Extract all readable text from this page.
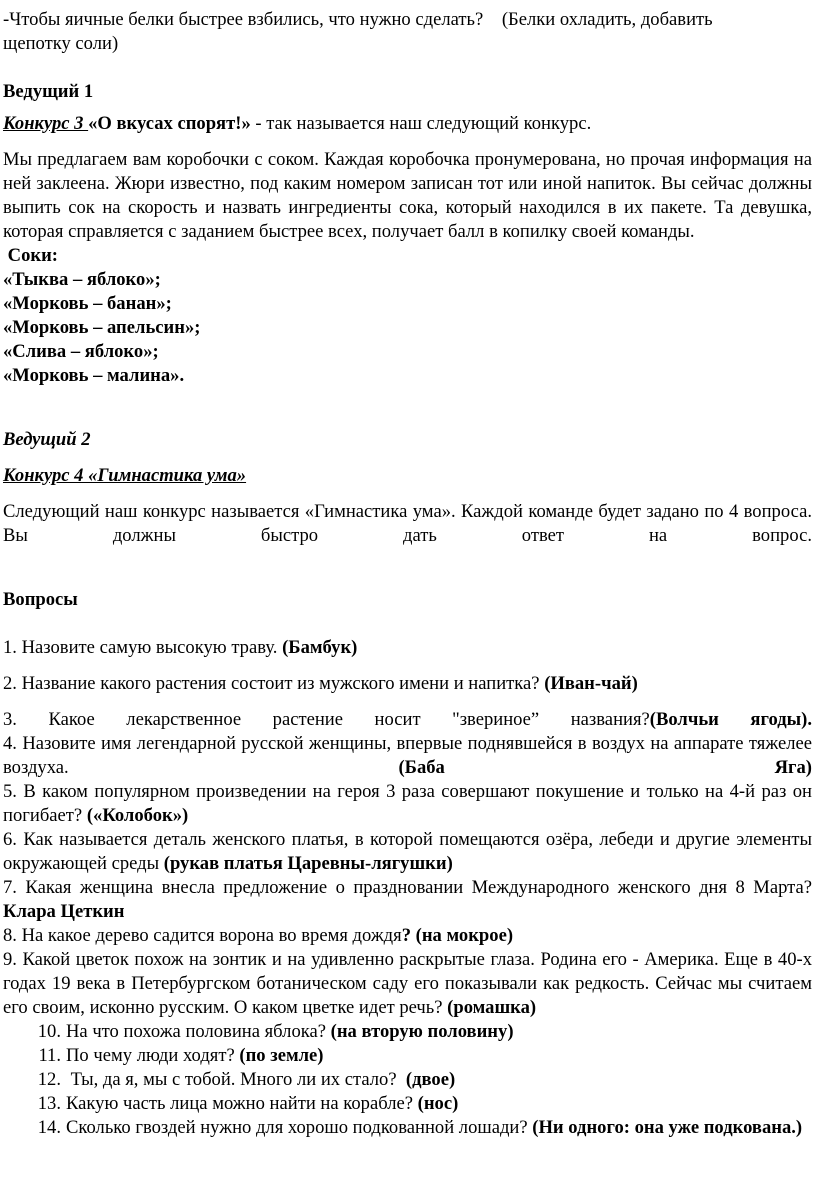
-Чтобы яичные белки быстрее взбились, что нужно сделать? (Белки охладить, добавить
щепотку соли)

Ведущий 1

Конкурс 3 «О вкусах спорят!» - так называется наш следующий конкурс.

Мы предлагаем вам коробочки с соком. Каждая коробочка пронумерована, но прочая информация на ней заклеена. Жюри известно, под каким номером записан тот или иной напиток. Вы сейчас должны выпить сок на скорость и назвать ингредиенты сока, который находился в их пакете. Та девушка, которая справляется с заданием быстрее всех, получает балл в копилку своей команды.

Соки:

«Тыква – яблоко»;

«Морковь – банан»;

«Морковь – апельсин»;

«Слива – яблоко»;

«Морковь – малина».

Ведущий 2

Конкурс 4 «Гимнастика ума»

Следующий наш конкурс называется «Гимнастика ума». Каждой команде будет задано по 4 вопроса. Вы должны быстро дать ответ на вопрос.

Вопросы

1. Назовите самую высокую траву. (Бамбук)

2. Название какого растения состоит из мужского имени и напитка? (Иван-чай)

3. Какое лекарственное растение носит "звериное” названия?(Волчьи ягоды).

4. Назовите имя легендарной русской женщины, впервые поднявшейся в воздух на аппарате тяжелее воздуха. (Баба Яга)

5. В каком популярном произведении на героя 3 раза совершают покушение и только на 4-й раз он погибает? («Колобок»)

6. Как называется деталь женского платья, в которой помещаются озёра, лебеди и другие элементы окружающей среды (рукав платья Царевны-лягушки)

7. Какая женщина внесла предложение о праздновании Международного женского дня 8 Марта? Клара Цеткин

8. На какое дерево садится ворона во время дождя? (на мокрое)

9. Какой цветок похож на зонтик и на удивленно раскрытые глаза. Родина его - Америка. Еще в 40-х годах 19 века в Петербургском ботаническом саду его показывали как редкость. Сейчас мы считаем его своим, исконно русским. О каком цветке идет речь? (ромашка)

10. На что похожа половина яблока? (на вторую половину)
11. По чему люди ходят? (по земле)
12. Ты, да я, мы с тобой. Много ли их стало?  (двое)
13. Какую часть лица можно найти на корабле? (нос)
14. Сколько гвоздей нужно для хорошо подкованной лошади? (Ни одного: она уже подкована.)
